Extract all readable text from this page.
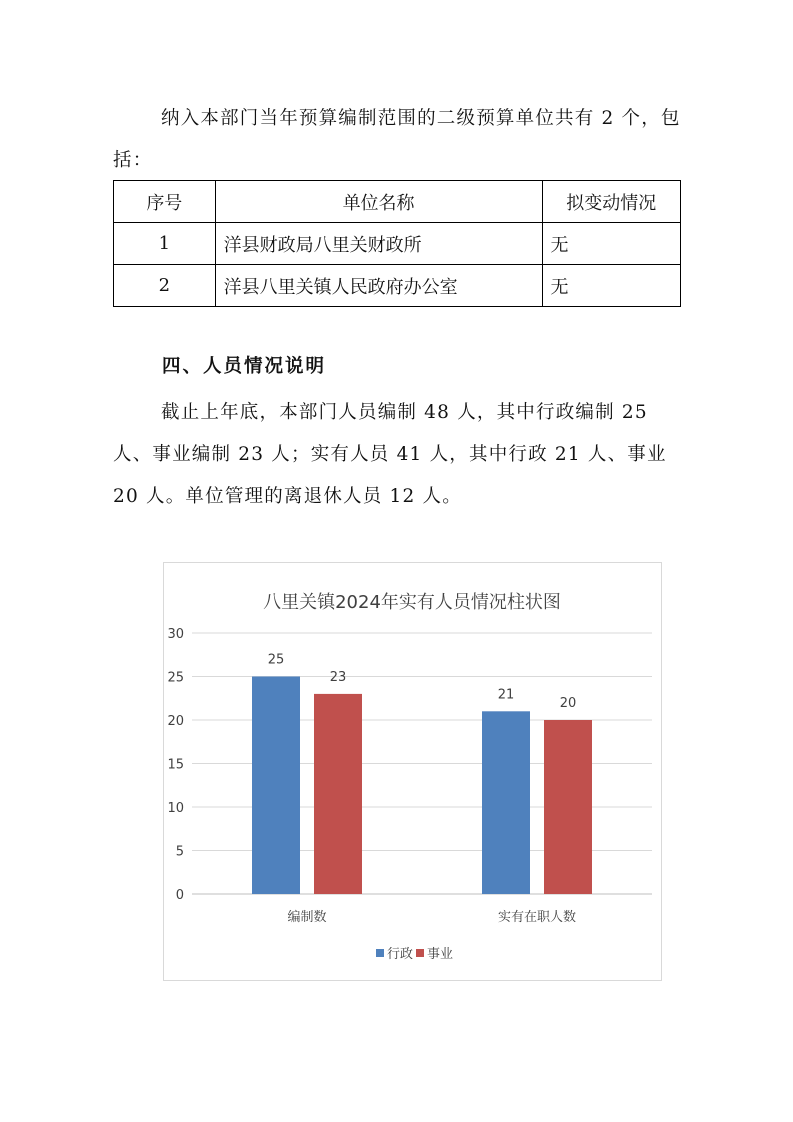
纳入本部门当年预算编制范围的二级预算单位共有 2 个，包括：

序号	单位名称	拟变动情况
1	洋县财政局八里关财政所	无
2	洋县八里关镇人民政府办公室	无
四、人员情况说明

截止上年底，本部门人员编制 48 人，其中行政编制 25 人、事业编制 23 人；实有人员 41 人，其中行政 21 人、事业 20 人。单位管理的离退休人员 12 人。

八里关镇2024年实有人员情况柱状图
0
5
10
15
20
25
30
25
23
21
20
编制数	实有在职人数
行政 事业
